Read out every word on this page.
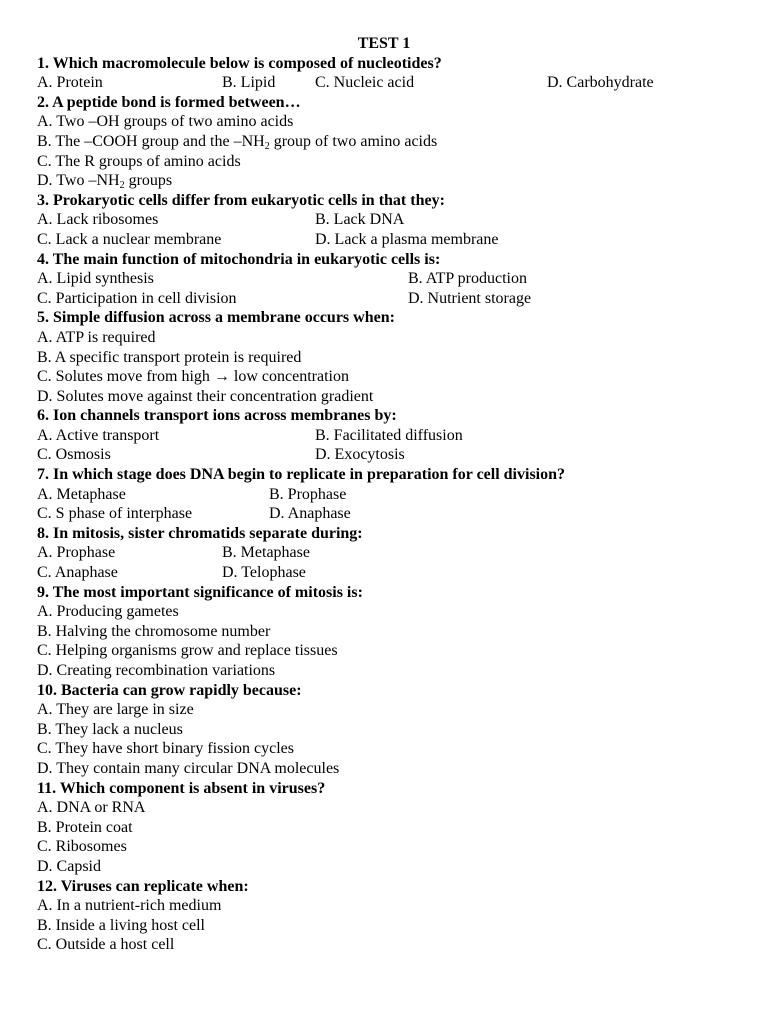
TEST 1
1. Which macromolecule below is composed of nucleotides?
A. Protein	B. Lipid C. Nucleic acid	D. Carbohydrate
2. A peptide bond is formed between…
A. Two –OH groups of two amino acids
B. The –COOH group and the $-NH_2$ group of two amino acids
C. The R groups of amino acids
D. Two $-NH_2$ groups
3. Prokaryotic cells differ from eukaryotic cells in that they:
A. Lack ribosomes	B. Lack DNA
C. Lack a nuclear membrane	D. Lack a plasma membrane
4. The main function of mitochondria in eukaryotic cells is:
A. Lipid synthesis	B. ATP production
C. Participation in cell division	D. Nutrient storage
5. Simple diffusion across a membrane occurs when:
A. ATP is required
B. A specific transport protein is required
C. Solutes move from high → low concentration
D. Solutes move against their concentration gradient
6. Ion channels transport ions across membranes by:
A. Active transport	B. Facilitated diffusion
C. Osmosis	D. Exocytosis
7. In which stage does DNA begin to replicate in preparation for cell division?
A. Metaphase	B. Prophase
C. S phase of interphase	D. Anaphase
8. In mitosis, sister chromatids separate during:
A. Prophase	B. Metaphase
C. Anaphase	D. Telophase
9. The most important significance of mitosis is:
A. Producing gametes
B. Halving the chromosome number
C. Helping organisms grow and replace tissues
D. Creating recombination variations
10. Bacteria can grow rapidly because:
A. They are large in size
B. They lack a nucleus
C. They have short binary fission cycles
D. They contain many circular DNA molecules
11. Which component is absent in viruses?
A. DNA or RNA
B. Protein coat
C. Ribosomes
D. Capsid
12. Viruses can replicate when:
A. In a nutrient-rich medium
B. Inside a living host cell
C. Outside a host cell
